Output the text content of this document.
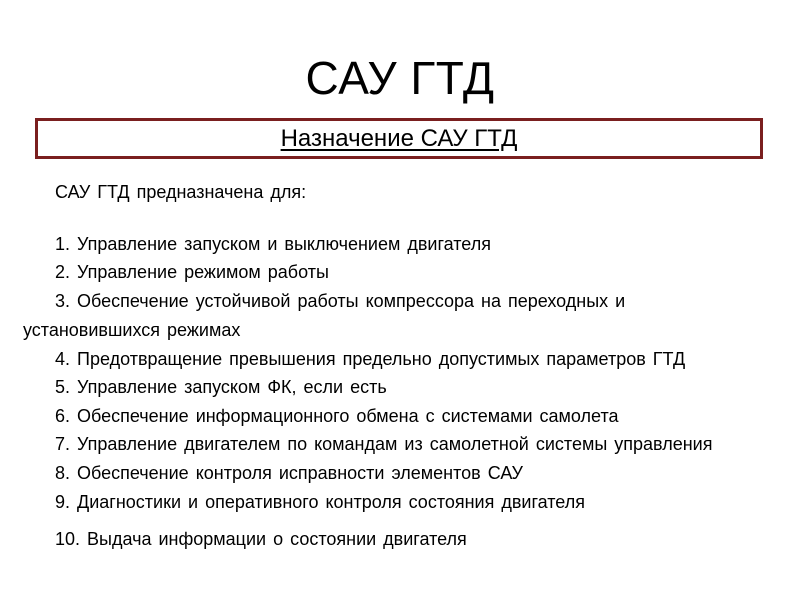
САУ ГТД
Назначение САУ ГТД
САУ ГТД предназначена для:
1. Управление запуском и выключением двигателя
2. Управление режимом работы
3. Обеспечение устойчивой работы компрессора на переходных и
установившихся режимах
4. Предотвращение превышения предельно допустимых параметров ГТД
5. Управление запуском ФК, если есть
6. Обеспечение информационного обмена с системами самолета
7. Управление двигателем по командам из самолетной системы управления
8. Обеспечение контроля исправности элементов САУ
9. Диагностики и оперативного контроля состояния двигателя
10. Выдача информации о состоянии двигателя
